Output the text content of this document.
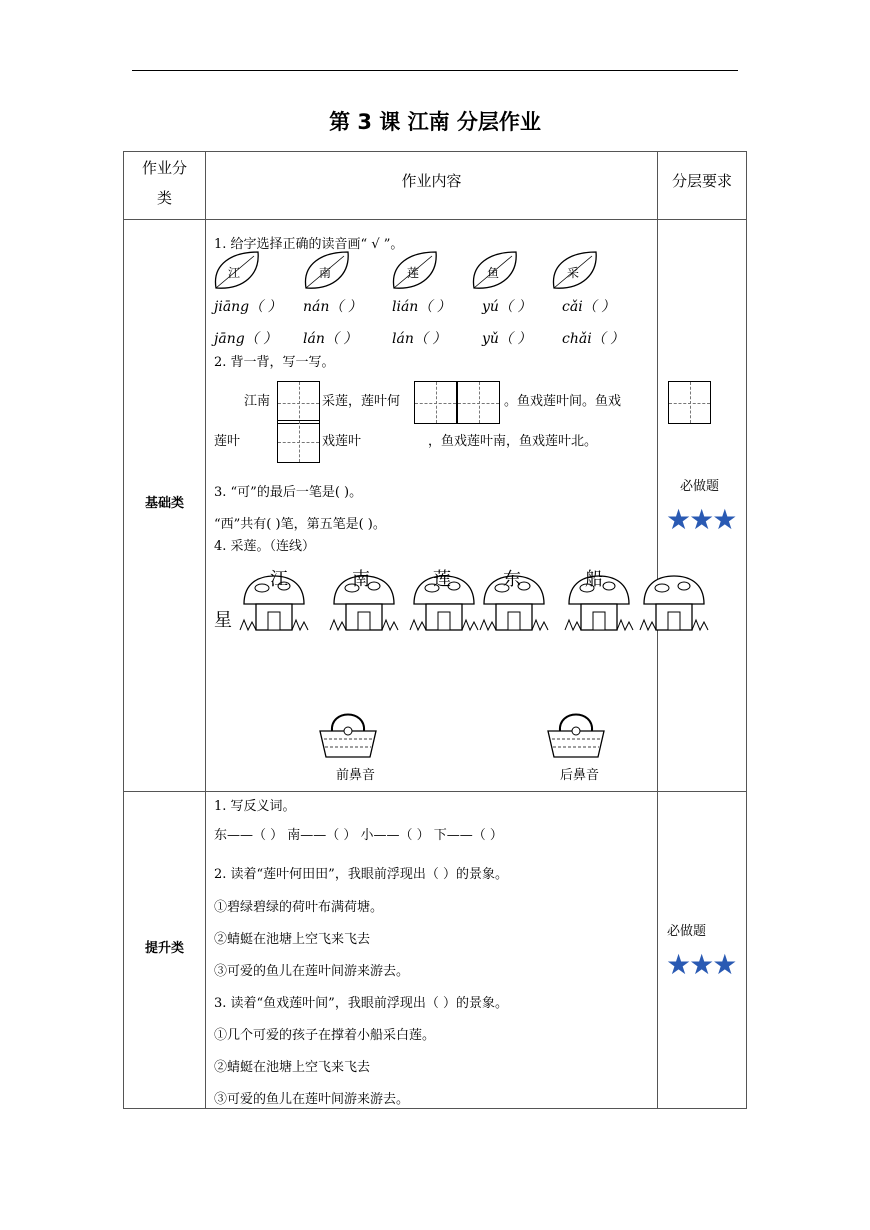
第 3 课 江南 分层作业
作业分
类
作业内容	分层要求
基础类
1. 给字选择正确的读音画“ √ ”。
江	南	莲	鱼	采
jiāng（ ） nán（ ） lián（ ） yú（ ） cǎi（ ）
jāng（ ） lán（ ） lán（ ）	yǔ（ ） chǎi（ ）
2. 背一背，写一写。
江南	采莲，莲叶何	。鱼戏莲叶间。鱼戏
莲叶	戏莲叶	，鱼戏莲叶南，鱼戏莲叶北。
3. “可”的最后一笔是( )。
“西”共有( )笔，第五笔是( )。
4. 采莲。（连线）
江	南	莲	东	船
星
前鼻音	后鼻音
必做题
★★★
提升类
1. 写反义词。
东——（ ） 南——（ ） 小——（ ） 下——（ ）
2. 读着“莲叶何田田”，我眼前浮现出（ ）的景象。
①碧绿碧绿的荷叶布满荷塘。
②蜻蜓在池塘上空飞来飞去
③可爱的鱼儿在莲叶间游来游去。
3. 读着“鱼戏莲叶间”，我眼前浮现出（ ）的景象。
①几个可爱的孩子在撑着小船采白莲。
②蜻蜓在池塘上空飞来飞去
③可爱的鱼儿在莲叶间游来游去。
必做题
★★★
